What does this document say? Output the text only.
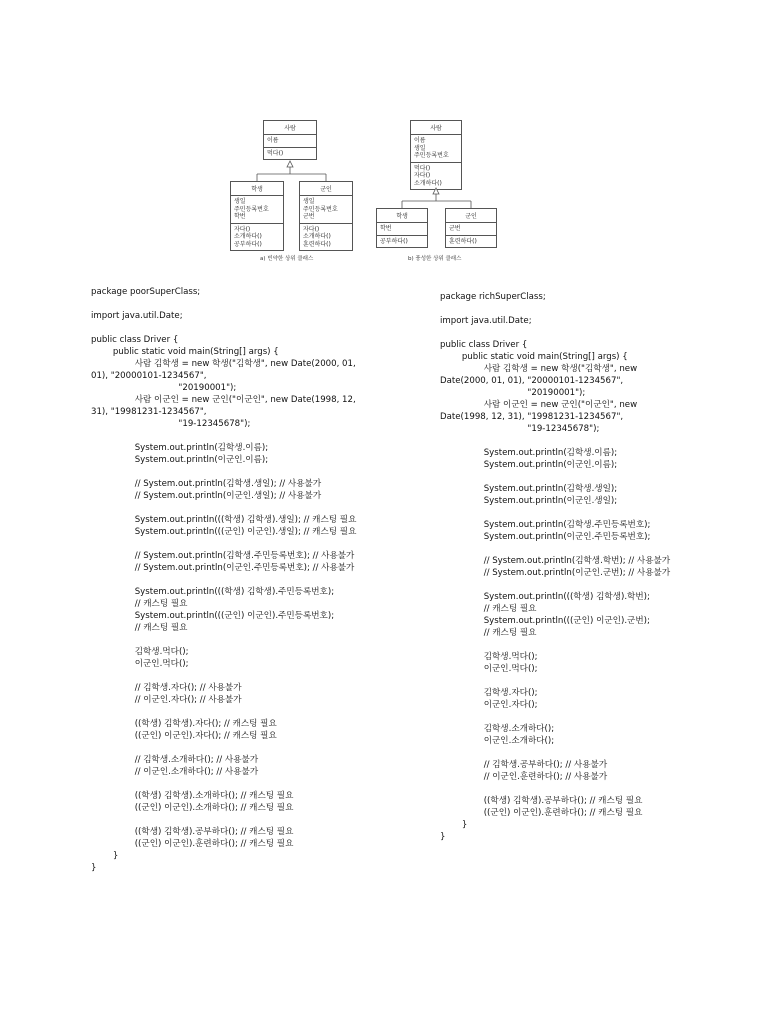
사람
이름
먹다()
학생
생일
주민등록번호
학번
자다()
소개하다()
공부하다()
군인
생일
주민등록번호
군번
자다()
소개하다()
훈련하다()
a) 빈약한 상위 클래스
사람
이름
생일
주민등록번호
먹다()
자다()
소개하다()
학생
학번
공부하다()
군인
군번
훈련하다()
b) 풍성한 상위 클래스
package poorSuperClass;
import java.util.Date;
public class Driver {
public static void main(String[] args) {
사람 김학생 = new 학생("김학생", new Date(2000, 01,
01), "20000101-1234567",
"20190001");
사람 이군인 = new 군인("이군인", new Date(1998, 12,
31), "19981231-1234567",
"19-12345678");
System.out.println(김학생.이름);
System.out.println(이군인.이름);
// System.out.println(김학생.생일); // 사용불가
// System.out.println(이군인.생일); // 사용불가
System.out.println(((학생) 김학생).생일); // 캐스팅 필요
System.out.println(((군인) 이군인).생일); // 캐스팅 필요
// System.out.println(김학생.주민등록번호); // 사용불가
// System.out.println(이군인.주민등록번호); // 사용불가
System.out.println(((학생) 김학생).주민등록번호);
// 캐스팅 필요
System.out.println(((군인) 이군인).주민등록번호);
// 캐스팅 필요
김학생.먹다();
이군인.먹다();
// 김학생.자다(); // 사용불가
// 이군인.자다(); // 사용불가
((학생) 김학생).자다(); // 캐스팅 필요
((군인) 이군인).자다(); // 캐스팅 필요
// 김학생.소개하다(); // 사용불가
// 이군인.소개하다(); // 사용불가
((학생) 김학생).소개하다(); // 캐스팅 필요
((군인) 이군인).소개하다(); // 캐스팅 필요
((학생) 김학생).공부하다(); // 캐스팅 필요
((군인) 이군인).훈련하다(); // 캐스팅 필요
}
}
package richSuperClass;
import java.util.Date;
public class Driver {
public static void main(String[] args) {
사람 김학생 = new 학생("김학생", new
Date(2000, 01, 01), "20000101-1234567",
"20190001");
사람 이군인 = new 군인("이군인", new
Date(1998, 12, 31), "19981231-1234567",
"19-12345678");
System.out.println(김학생.이름);
System.out.println(이군인.이름);
System.out.println(김학생.생일);
System.out.println(이군인.생일);
System.out.println(김학생.주민등록번호);
System.out.println(이군인.주민등록번호);
// System.out.println(김학생.학번); // 사용불가
// System.out.println(이군인.군번); // 사용불가
System.out.println(((학생) 김학생).학번);
// 캐스팅 필요
System.out.println(((군인) 이군인).군번);
// 캐스팅 필요
김학생.먹다();
이군인.먹다();
김학생.자다();
이군인.자다();
김학생.소개하다();
이군인.소개하다();
// 김학생.공부하다(); // 사용불가
// 이군인.훈련하다(); // 사용불가
((학생) 김학생).공부하다(); // 캐스팅 필요
((군인) 이군인).훈련하다(); // 캐스팅 필요
}
}
